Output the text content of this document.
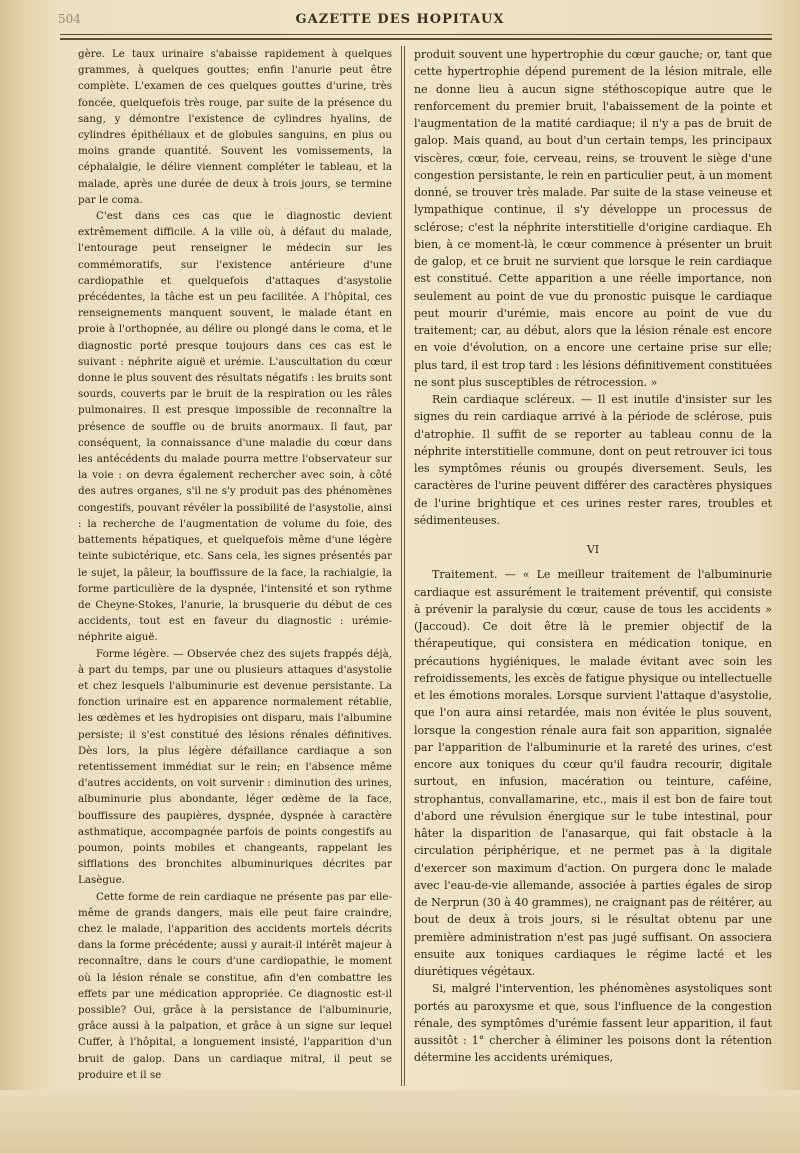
504	GAZETTE DES HOPITAUX

gère. Le taux urinaire s'abaisse rapidement à quelques grammes, à quelques gouttes; enfin l'anurie peut être complète. L'examen de ces quelques gouttes d'urine, très foncée, quelquefois très rouge, par suite de la présence du sang, y démontre l'existence de cylindres hyalins, de cylindres épithéliaux et de globules sanguins, en plus ou moins grande quantité. Souvent les vomissements, la céphalalgie, le délire viennent compléter le tableau, et la malade, après une durée de deux à trois jours, se termine par le coma.

C'est dans ces cas que le diagnostic devient extrêmement difficile. A la ville où, à défaut du malade, l'entourage peut renseigner le médecin sur les commémoratifs, sur l'existence antérieure d'une cardiopathie et quelquefois d'attaques d'asystolie précédentes, la tâche est un peu facilitée. A l'hôpital, ces renseignements manquent souvent, le malade étant en proie à l'orthopnée, au délire ou plongé dans le coma, et le diagnostic porté presque toujours dans ces cas est le suivant : néphrite aiguë et urémie. L'auscultation du cœur donne le plus souvent des résultats négatifs : les bruits sont sourds, couverts par le bruit de la respiration ou les râles pulmonaires. Il est presque impossible de reconnaître la présence de souffle ou de bruits anormaux. Il faut, par conséquent, la connaissance d'une maladie du cœur dans les antécédents du malade pourra mettre l'observateur sur la voie : on devra également rechercher avec soin, à côté des autres organes, s'il ne s'y produit pas des phénomènes congestifs, pouvant révéler la possibilité de l'asystolie, ainsi : la recherche de l'augmentation de volume du foie, des battements hépatiques, et quelquefois même d'une légère teinte subictérique, etc. Sans cela, les signes présentés par le sujet, la pâleur, la bouffissure de la face, la rachialgie, la forme particulière de la dyspnée, l'intensité et son rythme de Cheyne-Stokes, l'anurie, la brusquerie du début de ces accidents, tout est en faveur du diagnostic : urémie-néphrite aiguë.

Forme légère. — Observée chez des sujets frappés déjà, à part du temps, par une ou plusieurs attaques d'asystolie et chez lesquels l'albuminurie est devenue persistante. La fonction urinaire est en apparence normalement rétablie, les œdèmes et les hydropisies ont disparu, mais l'albumine persiste; il s'est constitué des lésions rénales définitives. Dès lors, la plus légère défaillance cardiaque a son retentissement immédiat sur le rein; en l'absence même d'autres accidents, on voit survenir : diminution des urines, albuminurie plus abondante, léger œdème de la face, bouffissure des paupières, dyspnée, dyspnée à caractère asthmatique, accompagnée parfois de points congestifs au poumon, points mobiles et changeants, rappelant les sifflations des bronchites albuminuriques décrites par Lasègue.

Cette forme de rein cardiaque ne présente pas par elle-même de grands dangers, mais elle peut faire craindre, chez le malade, l'apparition des accidents mortels décrits dans la forme précédente; aussi y aurait-il intérêt majeur à reconnaître, dans le cours d'une cardiopathie, le moment où la lésion rénale se constitue, afin d'en combattre les effets par une médication appropriée. Ce diagnostic est-il possible? Oui, grâce à la persistance de l'albuminurie, grâce aussi à la palpation, et grâce à un signe sur lequel Cuffer, à l'hôpital, a longuement insisté, l'apparition d'un bruit de galop. Dans un cardiaque mitral, il peut se produire et il se

produit souvent une hypertrophie du cœur gauche; or, tant que cette hypertrophie dépend purement de la lésion mitrale, elle ne donne lieu à aucun signe stéthoscopique autre que le renforcement du premier bruit, l'abaissement de la pointe et l'augmentation de la matité cardiaque; il n'y a pas de bruit de galop. Mais quand, au bout d'un certain temps, les principaux viscères, cœur, foie, cerveau, reins, se trouvent le siège d'une congestion persistante, le rein en particulier peut, à un moment donné, se trouver très malade. Par suite de la stase veineuse et lympathique continue, il s'y développe un processus de sclérose; c'est la néphrite interstitielle d'origine cardiaque. Eh bien, à ce moment-là, le cœur commence à présenter un bruit de galop, et ce bruit ne survient que lorsque le rein cardiaque est constitué. Cette apparition a une réelle importance, non seulement au point de vue du pronostic puisque le cardiaque peut mourir d'urémie, mais encore au point de vue du traitement; car, au début, alors que la lésion rénale est encore en voie d'évolution, on a encore une certaine prise sur elle; plus tard, il est trop tard : les lésions définitivement constituées ne sont plus susceptibles de rétrocession. »

Rein cardiaque scléreux. — Il est inutile d'insister sur les signes du rein cardiaque arrivé à la période de sclérose, puis d'atrophie. Il suffit de se reporter au tableau connu de la néphrite interstitielle commune, dont on peut retrouver ici tous les symptômes réunis ou groupés diversement. Seuls, les caractères de l'urine peuvent différer des caractères physiques de l'urine brightique et ces urines rester rares, troubles et sédimenteuses.

VI

Traitement. — « Le meilleur traitement de l'albuminurie cardiaque est assurément le traitement préventif, qui consiste à prévenir la paralysie du cœur, cause de tous les accidents » (Jaccoud). Ce doit être là le premier objectif de la thérapeutique, qui consistera en médication tonique, en précautions hygiéniques, le malade évitant avec soin les refroidissements, les excès de fatigue physique ou intellectuelle et les émotions morales. Lorsque survient l'attaque d'asystolie, que l'on aura ainsi retardée, mais non évitée le plus souvent, lorsque la congestion rénale aura fait son apparition, signalée par l'apparition de l'albuminurie et la rareté des urines, c'est encore aux toniques du cœur qu'il faudra recourir, digitale surtout, en infusion, macération ou teinture, caféine, strophantus, convallamarine, etc., mais il est bon de faire tout d'abord une révulsion énergique sur le tube intestinal, pour hâter la disparition de l'anasarque, qui fait obstacle à la circulation périphérique, et ne permet pas à la digitale d'exercer son maximum d'action. On purgera donc le malade avec l'eau-de-vie allemande, associée à parties égales de sirop de Nerprun (30 à 40 grammes), ne craignant pas de réitérer, au bout de deux à trois jours, si le résultat obtenu par une première administration n'est pas jugé suffisant. On associera ensuite aux toniques cardiaques le régime lacté et les diurétiques végétaux.

Si, malgré l'intervention, les phénomènes asystoliques sont portés au paroxysme et que, sous l'influence de la congestion rénale, des symptômes d'urémie fassent leur apparition, il faut aussitôt : 1° chercher à éliminer les poisons dont la rétention détermine les accidents urémiques,
